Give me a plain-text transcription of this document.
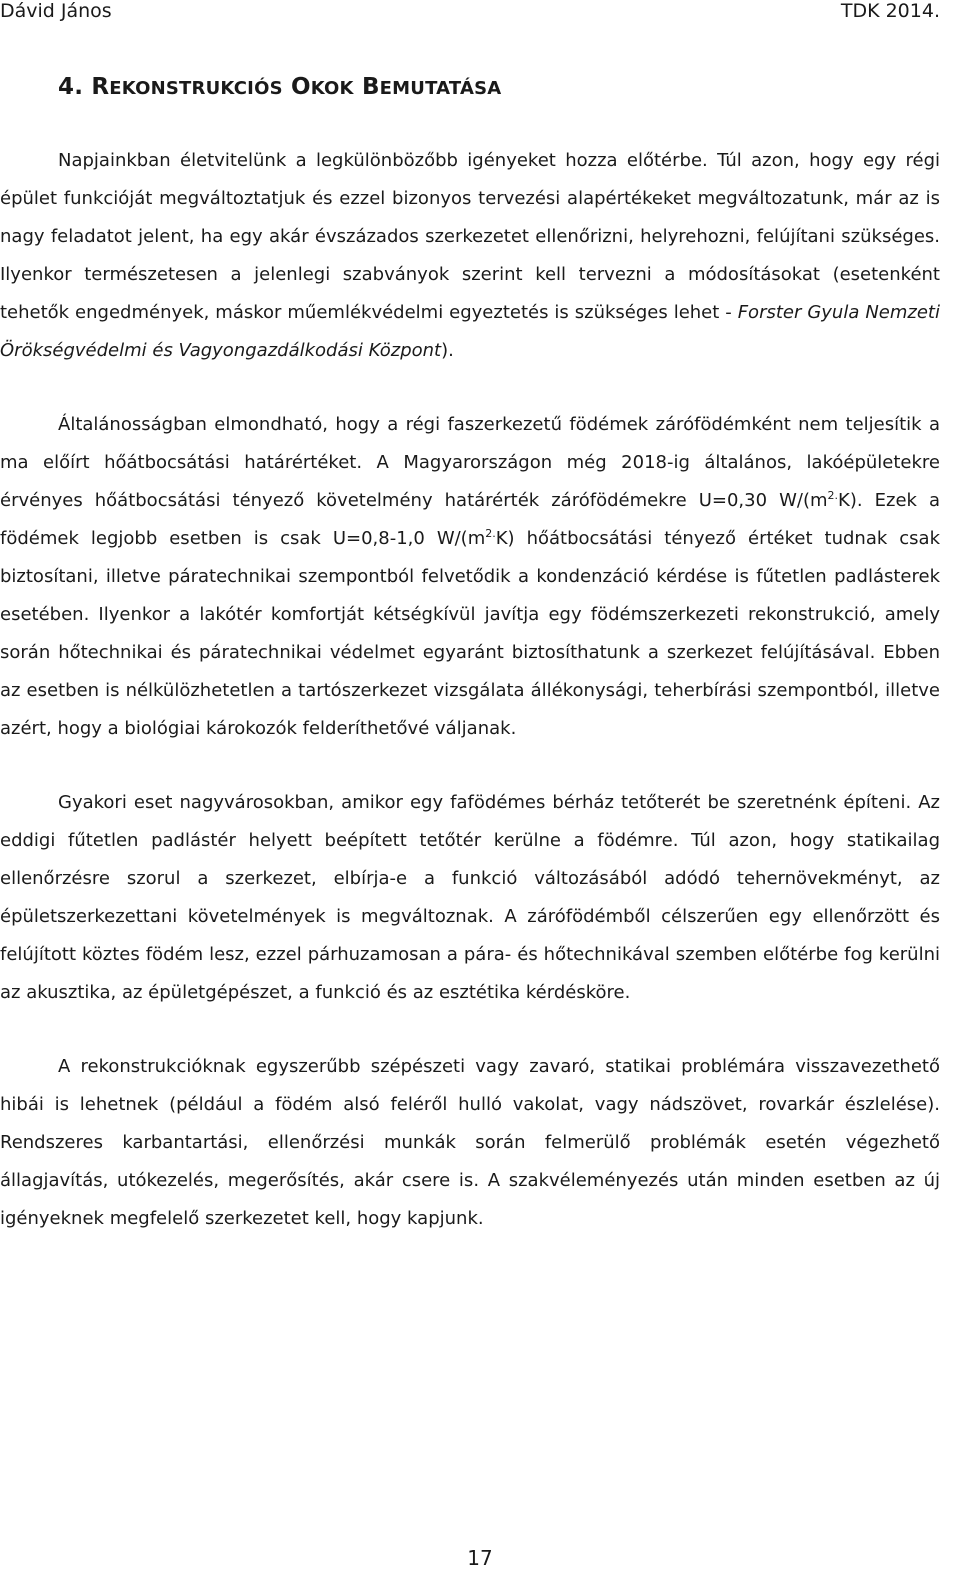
Dávid János	TDK 2014.
4. REKONSTRUKCIÓS OKOK BEMUTATÁSA

Napjainkban életvitelünk a legkülönbözőbb igényeket hozza előtérbe. Túl azon, hogy egy régi épület funkcióját megváltoztatjuk és ezzel bizonyos tervezési alapértékeket megváltozatunk, már az is nagy feladatot jelent, ha egy akár évszázados szerkezetet ellenőrizni, helyrehozni, felújítani szükséges. Ilyenkor természetesen a jelenlegi szabványok szerint kell tervezni a módosításokat (esetenként tehetők engedmények, máskor műemlékvédelmi egyeztetés is szükséges lehet - Forster Gyula Nemzeti Örökségvédelmi és Vagyongazdálkodási Központ).

Általánosságban elmondható, hogy a régi faszerkezetű födémek zárófödémként nem teljesítik a ma előírt hőátbocsátási határértéket. A Magyarországon még 2018-ig általános, lakóépületekre érvényes hőátbocsátási tényező követelmény határérték zárófödémekre U=0,30 $W/(m^{2.}K)$. Ezek a födémek legjobb esetben is csak U=0,8-1,0 $W/(m^{2.}K)$ hőátbocsátási tényező értéket tudnak csak biztosítani, illetve páratechnikai szempontból felvetődik a kondenzáció kérdése is fűtetlen padlásterek esetében. Ilyenkor a lakótér komfortját kétségkívül javítja egy födémszerkezeti rekonstrukció, amely során hőtechnikai és páratechnikai védelmet egyaránt biztosíthatunk a szerkezet felújításával. Ebben az esetben is nélkülözhetetlen a tartószerkezet vizsgálata állékonysági, teherbírási szempontból, illetve azért, hogy a biológiai károkozók felderíthetővé váljanak.

Gyakori eset nagyvárosokban, amikor egy fafödémes bérház tetőterét be szeretnénk építeni. Az eddigi fűtetlen padlástér helyett beépített tetőtér kerülne a födémre. Túl azon, hogy statikailag ellenőrzésre szorul a szerkezet, elbírja-e a funkció változásából adódó tehernövekményt, az épületszerkezettani követelmények is megváltoznak. A zárófödémből célszerűen egy ellenőrzött és felújított köztes födém lesz, ezzel párhuzamosan a pára- és hőtechnikával szemben előtérbe fog kerülni az akusztika, az épületgépészet, a funkció és az esztétika kérdésköre.

A rekonstrukcióknak egyszerűbb szépészeti vagy zavaró, statikai problémára visszavezethető hibái is lehetnek (például a födém alsó feléről hulló vakolat, vagy nádszövet, rovarkár észlelése). Rendszeres karbantartási, ellenőrzési munkák során felmerülő problémák esetén végezhető állagjavítás, utókezelés, megerősítés, akár csere is. A szakvéleményezés után minden esetben az új igényeknek megfelelő szerkezetet kell, hogy kapjunk.

17
